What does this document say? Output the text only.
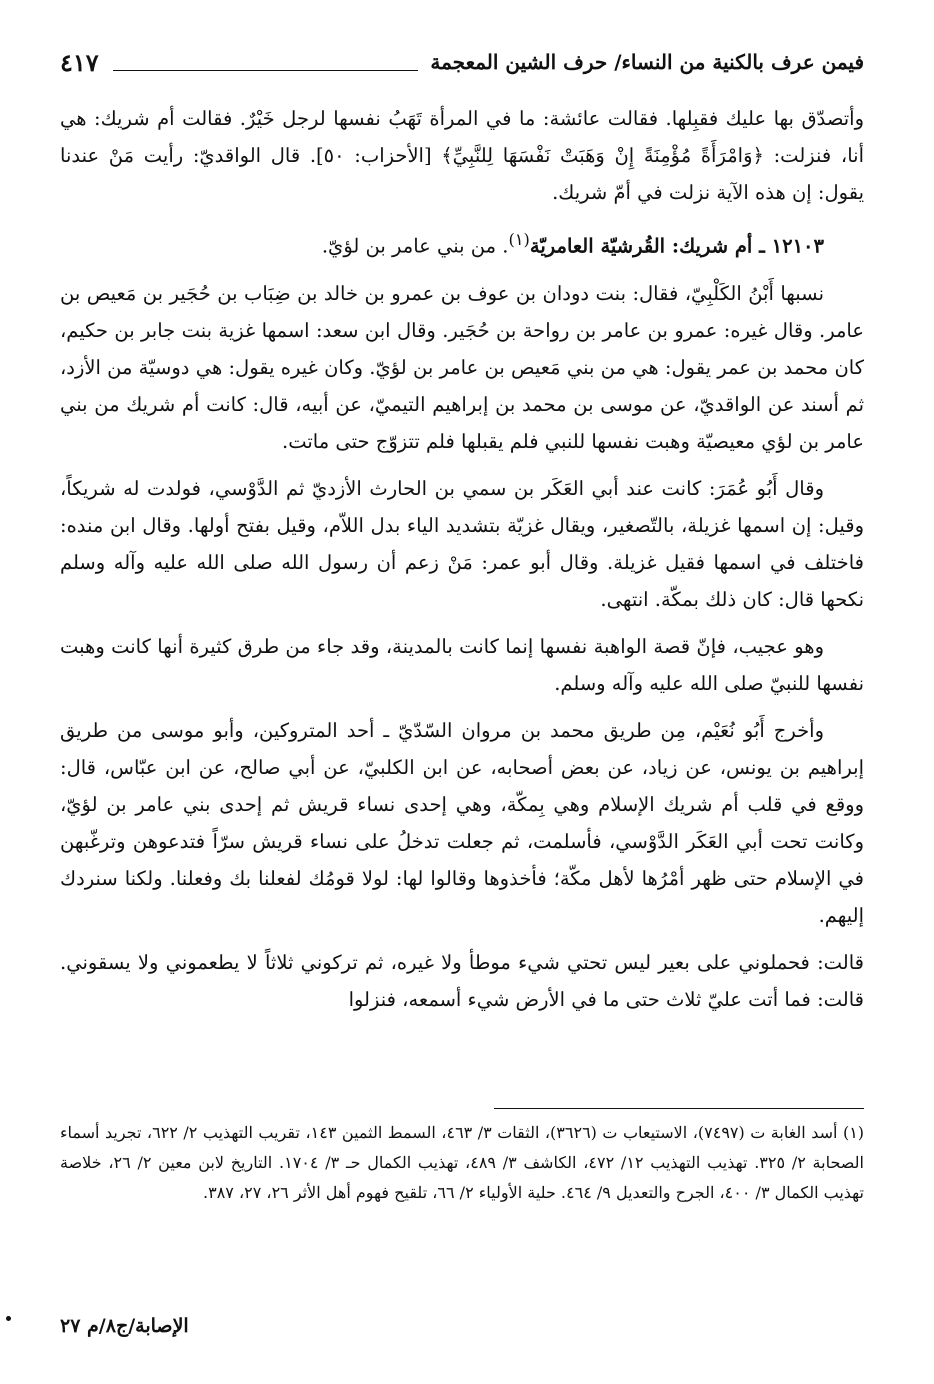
فيمن عرف بالكنية من النساء/ حرف الشين المعجمة
٤١٧

وأتصدّق بها عليك فقبِلها. فقالت عائشة: ما في المرأة تَهَبُ نفسها لرجل خَيْرٌ. فقالت أم شريك: هي أنا، فنزلت: ﴿وَامْرَأَةً مُؤْمِنَةً إِنْ وَهَبَتْ نَفْسَهَا لِلنَّبِيِّ﴾ [الأحزاب: ٥٠]. قال الواقديّ: رأيت مَنْ عندنا يقول: إن هذه الآية نزلت في أمّ شريك.

١٢١٠٣ ـ أم شريك: القُرشيّة العامريّة$^{(١)}$. من بني عامر بن لؤيّ.

نسبها أَبْنُ الكَلْبِيّ، فقال: بنت دودان بن عوف بن عمرو بن خالد بن ضِبَاب بن حُجَير بن مَعيص بن عامر. وقال غيره: عمرو بن عامر بن رواحة بن حُجَير. وقال ابن سعد: اسمها غزية بنت جابر بن حكيم، كان محمد بن عمر يقول: هي من بني مَعيص بن عامر بن لؤيّ. وكان غيره يقول: هي دوسيّة من الأزد، ثم أسند عن الواقديّ، عن موسى بن محمد بن إبراهيم التيميّ، عن أبيه، قال: كانت أم شريك من بني عامر بن لؤي معيصيّة وهبت نفسها للنبي فلم يقبلها فلم تتزوّج حتى ماتت.

وقال أَبُو عُمَرَ: كانت عند أبي العَكَر بن سمي بن الحارث الأزديّ ثم الدَّوْسي، فولدت له شريكاً، وقيل: إن اسمها غزيلة، بالتّصغير، ويقال غزيّة بتشديد الياء بدل اللاّم، وقيل بفتح أولها. وقال ابن منده: فاختلف في اسمها فقيل غزيلة. وقال أبو عمر: مَنْ زعم أن رسول الله صلى الله عليه وآله وسلم نكحها قال: كان ذلك بمكّة. انتهى.

وهو عجيب، فإنّ قصة الواهبة نفسها إنما كانت بالمدينة، وقد جاء من طرق كثيرة أنها كانت وهبت نفسها للنبيّ صلى الله عليه وآله وسلم.

وأخرج أَبُو نُعَيْم، مِن طريق محمد بن مروان السّدّيّ ـ أحد المتروكين، وأبو موسى من طريق إبراهيم بن يونس، عن زياد، عن بعض أصحابه، عن ابن الكلبيّ، عن أبي صالح، عن ابن عبّاس، قال: ووقع في قلب أم شريك الإسلام وهي بِمكّة، وهي إحدى نساء قريش ثم إحدى بني عامر بن لؤيّ، وكانت تحت أبي العَكَر الدَّوْسي، فأسلمت، ثم جعلت تدخلُ على نساء قريش سرّاً فتدعوهن وترغّبهن في الإسلام حتى ظهر أمْرُها لأهل مكّة؛ فأخذوها وقالوا لها: لولا قومُك لفعلنا بك وفعلنا. ولكنا سنردك إليهم.

قالت: فحملوني على بعير ليس تحتي شيء موطأ ولا غيره، ثم تركوني ثلاثاً لا يطعموني ولا يسقوني. قالت: فما أتت عليّ ثلاث حتى ما في الأرض شيء أسمعه، فنزلوا

(١) أسد الغابة ت (٧٤٩٧)، الاستيعاب ت (٣٦٢٦)، الثقات ٣/ ٤٦٣، السمط الثمين ١٤٣، تقريب التهذيب ٢/ ٦٢٢، تجريد أسماء الصحابة ٢/ ٣٢٥. تهذيب التهذيب ١٢/ ٤٧٢، الكاشف ٣/ ٤٨٩، تهذيب الكمال حـ ٣/ ١٧٠٤. التاريخ لابن معين ٢/ ٢٦، خلاصة تهذيب الكمال ٣/ ٤٠٠، الجرح والتعديل ٩/ ٤٦٤. حلية الأولياء ٢/ ٦٦، تلقيح فهوم أهل الأثر ٢٦، ٢٧، ٣٨٧.

الإصابة/ج٨/م ٢٧
